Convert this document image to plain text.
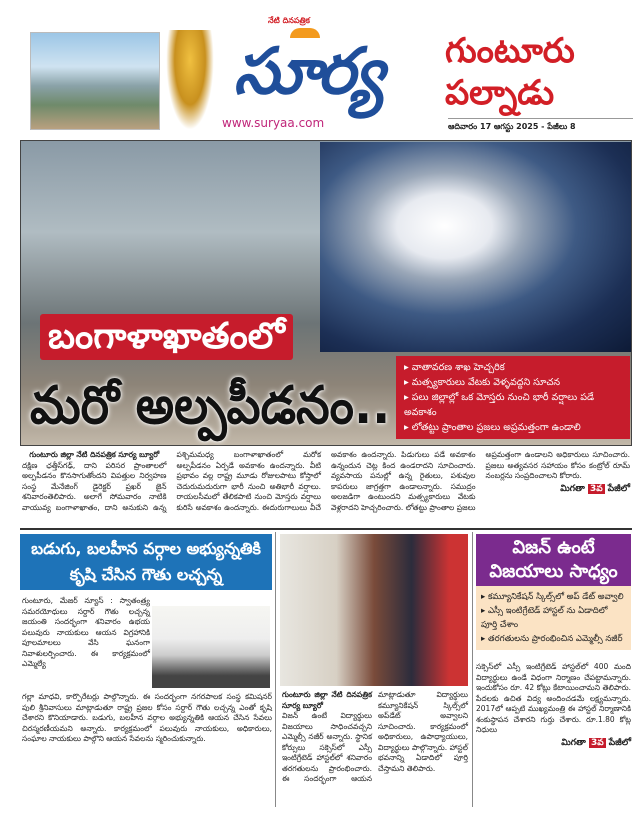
నేటి దినపత్రిక
సూర్య
www.suryaa.com
గుంటూరు
పల్నాడు
ఆదివారం 17 ఆగస్టు 2025 - పేజీలు 8
బంగాళాఖాతంలో
మరో అల్పపీడనం..
▸ వాతావరణ శాఖ హెచ్చరిక
▸ మత్స్యకారులు వేటకు వెళ్ళవద్దని సూచన
▸ పలు జిల్లాల్లో ఒక మోస్తరు నుంచి భారీ వర్షాలు పడే అవకాశం
▸ లోతట్టు ప్రాంతాల ప్రజలు అప్రమత్తంగా ఉండాలి
గుంటూరు జిల్లా నేటి దినపత్రిక సూర్య బ్యూరో
దక్షిణ ఛత్తీస్‌గఢ్, దాని పరిసర ప్రాంతాలలో అల్పపీడనం కొనసాగుతోందని విపత్తుల నిర్వహణ సంస్థ మేనేజింగ్ డైరెక్టర్ ప్రఖర్ జైన్ శనివారంతెలిపారు. అలాగే సోమవారం నాటికి వాయువ్య బంగాళాఖాతం, దాని అనుకుని ఉన్న పశ్చిమమధ్య బంగాళాఖాతంలో మరోక అల్పపీడనం ఏర్పడే అవకాశం ఉందన్నారు. వీటి ప్రభావం వల్ల రాష్ట్ర మూడు రోజులపాటు కోస్తాలో చెదురుమదురుగా భారీ నుంచి అతిభారీ వర్షాలు. రాయలసీమలో తేలికపాటి నుంచి మోస్తరు వర్షాలు కురిసే అవకాశం ఉందన్నారు. ఈదురుగాలులు వీచే అవకాశం ఉందన్నారు. పిడుగులు పడే అవకాశం ఉన్నందున చెట్ల కింద ఉండరాదని సూచించారు. వ్యవసాయ పనుల్లో ఉన్న రైతులు, పశువుల కాపరులు జాగ్రత్తగా ఉండాలన్నారు. సముద్రం అలజడిగా ఉంటుందని మత్స్యకారులు వేటకు వెళ్లరాదని హెచ్చరించారు. లోతట్టు ప్రాంతాల ప్రజలు అప్రమత్తంగా ఉండాలని అధికారులు సూచించారు. ప్రజలు అత్యవసర సహాయం కోసం కంట్రోల్ రూమ్ నంబర్లను సంప్రదించాలని కోరారు.
మిగతా 3వ పేజీలో
బడుగు, బలహీన వర్గాల అభ్యున్నతికి కృషి చేసిన గౌతు లచ్చన్న
గుంటూరు, మేజర్ న్యూస్ : స్వాతంత్ర్య సమరయోధులు సర్దార్ గౌతు లచ్చన్న జయంతి సందర్భంగా శనివారం ఉభయ పలువురు నాయకులు ఆయన విగ్రహానికి పూలమాలలు వేసి ఘనంగా నివాళులర్పించారు. ఈ కార్యక్రమంలో ఎమ్మెల్యే
గల్లా మాధవి, కార్పొరేటర్లు పాల్గొన్నారు. ఈ సందర్భంగా నగరపాలక సంస్థ కమిషనర్ పులి శ్రీనివాసులు మాట్లాడుతూ రాష్ట్ర ప్రజల కోసం సర్దార్ గౌతు లచ్చన్న ఎంతో కృషి చేశారని కొనియాడారు. బడుగు, బలహీన వర్గాల అభ్యున్నతికి ఆయన చేసిన సేవలు చిరస్మరణీయమని అన్నారు. కార్యక్రమంలో పలువురు నాయకులు, అధికారులు, సంఘాల నాయకులు పాల్గొని ఆయన సేవలను స్మరించుకున్నారు.
గుంటూరు జిల్లా నేటి దినపత్రిక సూర్య బ్యూరో
విజన్ ఉంటే విద్యార్థులు విజయాలు సాధించవచ్చని ఎమ్మెల్సీ నజీర్ అన్నారు. స్థానిక కోర్సులు సక్సెస్‌లో ఎస్సీ ఇంటిగ్రేటెడ్ హాస్టల్‌లో శనివారం తరగతులను ప్రారంభించారు. ఈ సందర్భంగా ఆయన మాట్లాడుతూ విద్యార్థులు కమ్యూనికేషన్ స్కిల్స్‌లో అప్‌డేట్ అవ్వాలని సూచించారు. కార్యక్రమంలో అధికారులు, ఉపాధ్యాయులు, విద్యార్థులు పాల్గొన్నారు. హాస్టల్ భవనాన్ని ఏడాదిలో పూర్తి చేస్తామని తెలిపారు.
విజన్ ఉంటే విజయాలు సాధ్యం
▸ కమ్యూనికేషన్ స్కిల్స్‌లో అప్ డేట్ అవ్వాలి
▸ ఎస్సీ ఇంటిగ్రేటెడ్ హాస్టల్ ను ఏడాదిలో పూర్తి చేశాం
▸ తరగతులను ప్రారంభించిన ఎమ్మెల్సీ నజీర్
సక్సెస్‌లో ఎస్సీ ఇంటిగ్రేటెడ్ హాస్టల్‌లో 400 మంది విద్యార్థులు ఉండే విధంగా నిర్మాణం చేపట్టామన్నారు. ఇందుకోసం రూ. 42 కోట్లు కేటాయించామని తెలిపారు. పేదలకు ఉచిత విద్య అందించడమే లక్ష్యమన్నారు. 2017లో ఆప్పటి ముఖ్యమంత్రి ఈ హాస్టల్ నిర్మాణానికి శంకుస్థాపన చేశారని గుర్తు చేశారు. రూ.1.80 కోట్ల నిధులు
మిగతా 3వ పేజీలో
